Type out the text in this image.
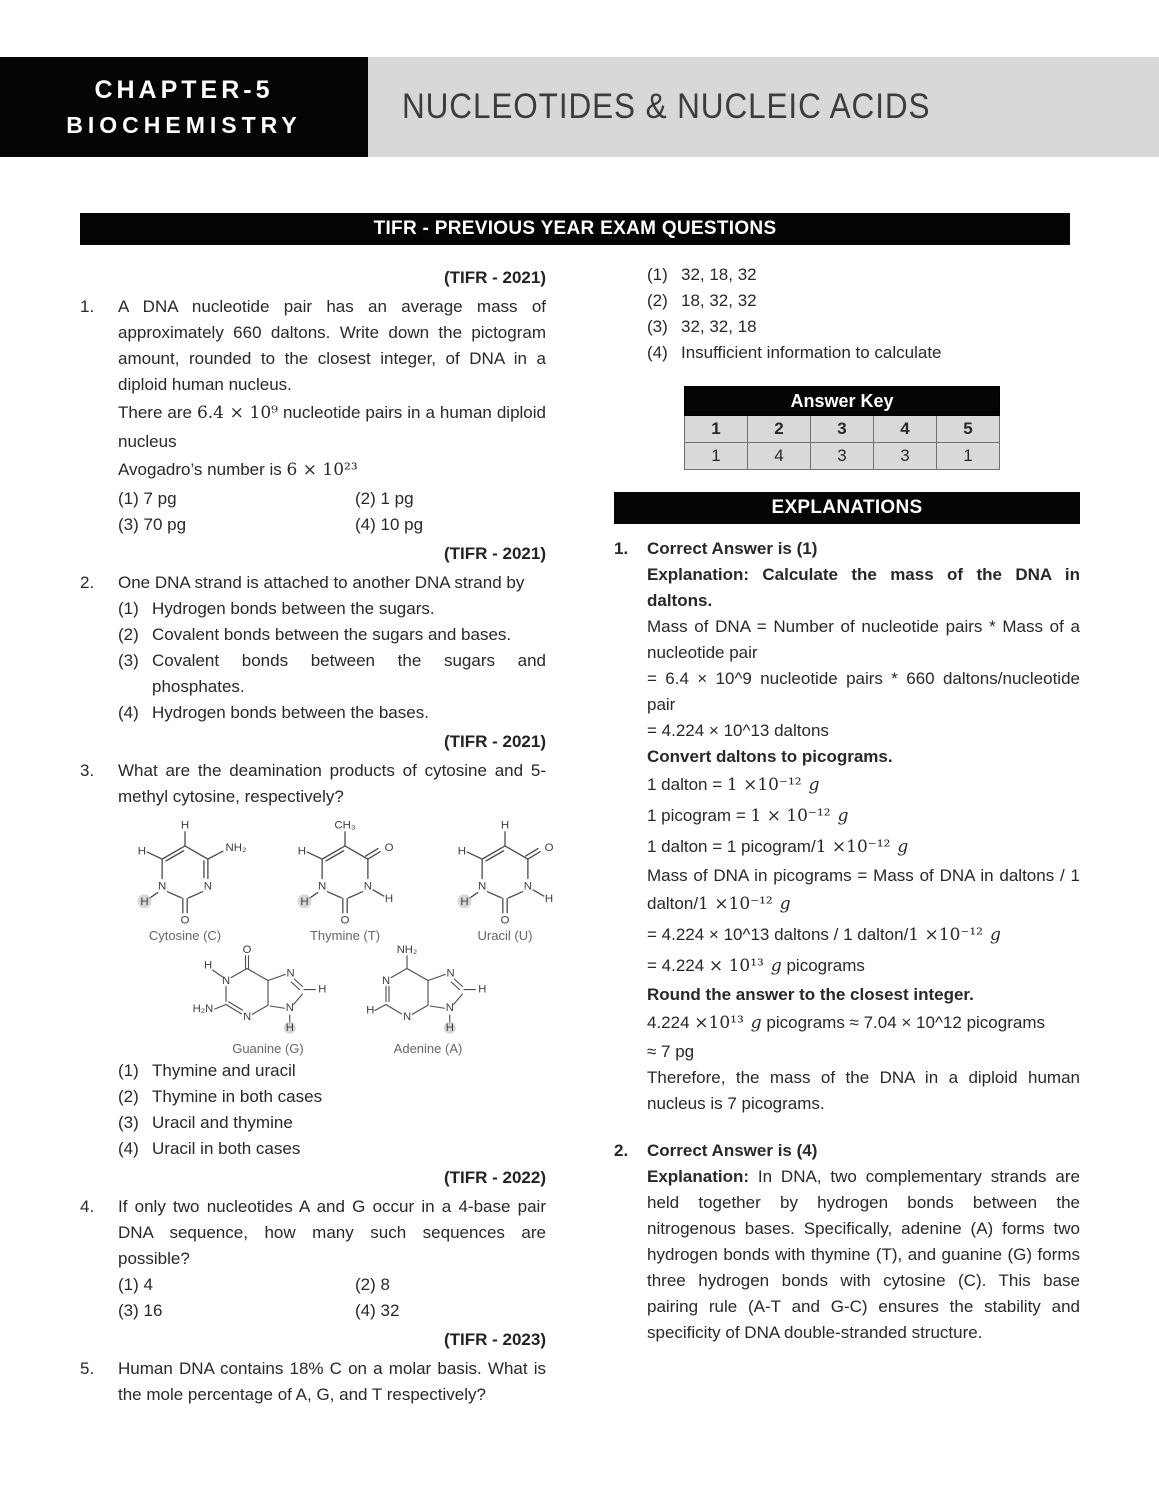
CHAPTER-5
BIOCHEMISTRY	NUCLEOTIDES & NUCLEIC ACIDS
TIFR - PREVIOUS YEAR EXAM QUESTIONS
(TIFR - 2021)
1. A DNA nucleotide pair has an average mass of approximately 660 daltons. Write down the pictogram amount, rounded to the closest integer, of DNA in a diploid human nucleus.
There are 6.4 × 10⁹ nucleotide pairs in a human diploid nucleus
Avogadro’s number is 6 × 10²³
(1) 7 pg	(2) 1 pg
(3) 70 pg	(4) 10 pg
(TIFR - 2021)
2. One DNA strand is attached to another DNA strand by
(1) Hydrogen bonds between the sugars.
(2) Covalent bonds between the sugars and bases.
(3) Covalent bonds between the sugars and phosphates.
(4) Hydrogen bonds between the bases.
(TIFR - 2021)
3. What are the deamination products of cytosine and 5-methyl cytosine, respectively?
N	N
H
H	NH₂
H
O
Cytosine (C)
N	N
CH₃
H	O
H
H
O
Thymine (T)
N	N
H
H	O
H
H
O
Uracil (U)
N
N
N
N
O
H
H₂N
H
H
Guanine (G)
N
N
N
N
NH₂
H
H
H
Adenine (A)
(1) Thymine and uracil
(2) Thymine in both cases
(3) Uracil and thymine
(4) Uracil in both cases
(TIFR - 2022)
4. If only two nucleotides A and G occur in a 4-base pair DNA sequence, how many such sequences are possible?
(1) 4	(2) 8
(3) 16	(4) 32
(TIFR - 2023)
5. Human DNA contains 18% C on a molar basis. What is the mole percentage of A, G, and T respectively?
(1) 32, 18, 32
(2) 18, 32, 32
(3) 32, 32, 18
(4) Insufficient information to calculate
Answer Key				
1	2	3	4	5
1	4	3	3	1
EXPLANATIONS
1. Correct Answer is (1)
Explanation: Calculate the mass of the DNA in daltons.
Mass of DNA = Number of nucleotide pairs * Mass of a nucleotide pair
= 6.4 × 10^9 nucleotide pairs * 660 daltons/nucleotide pair
= 4.224 × 10^13 daltons
Convert daltons to picograms.
1 dalton = 1 ×10⁻¹² g
1 picogram = 1 × 10⁻¹² g
1 dalton = 1 picogram/1 ×10⁻¹² g
Mass of DNA in picograms = Mass of DNA in daltons / 1 dalton/1 ×10⁻¹² g
= 4.224 × 10^13 daltons / 1 dalton/1 ×10⁻¹² g
= 4.224 × 10¹³ g picograms
Round the answer to the closest integer.
4.224 ×10¹³ g picograms ≈ 7.04 × 10^12 picograms
≈ 7 pg
Therefore, the mass of the DNA in a diploid human nucleus is 7 picograms.
2. Correct Answer is (4)
Explanation: In DNA, two complementary strands are held together by hydrogen bonds between the nitrogenous bases. Specifically, adenine (A) forms two hydrogen bonds with thymine (T), and guanine (G) forms three hydrogen bonds with cytosine (C). This base pairing rule (A-T and G-C) ensures the stability and specificity of DNA double-stranded structure.
